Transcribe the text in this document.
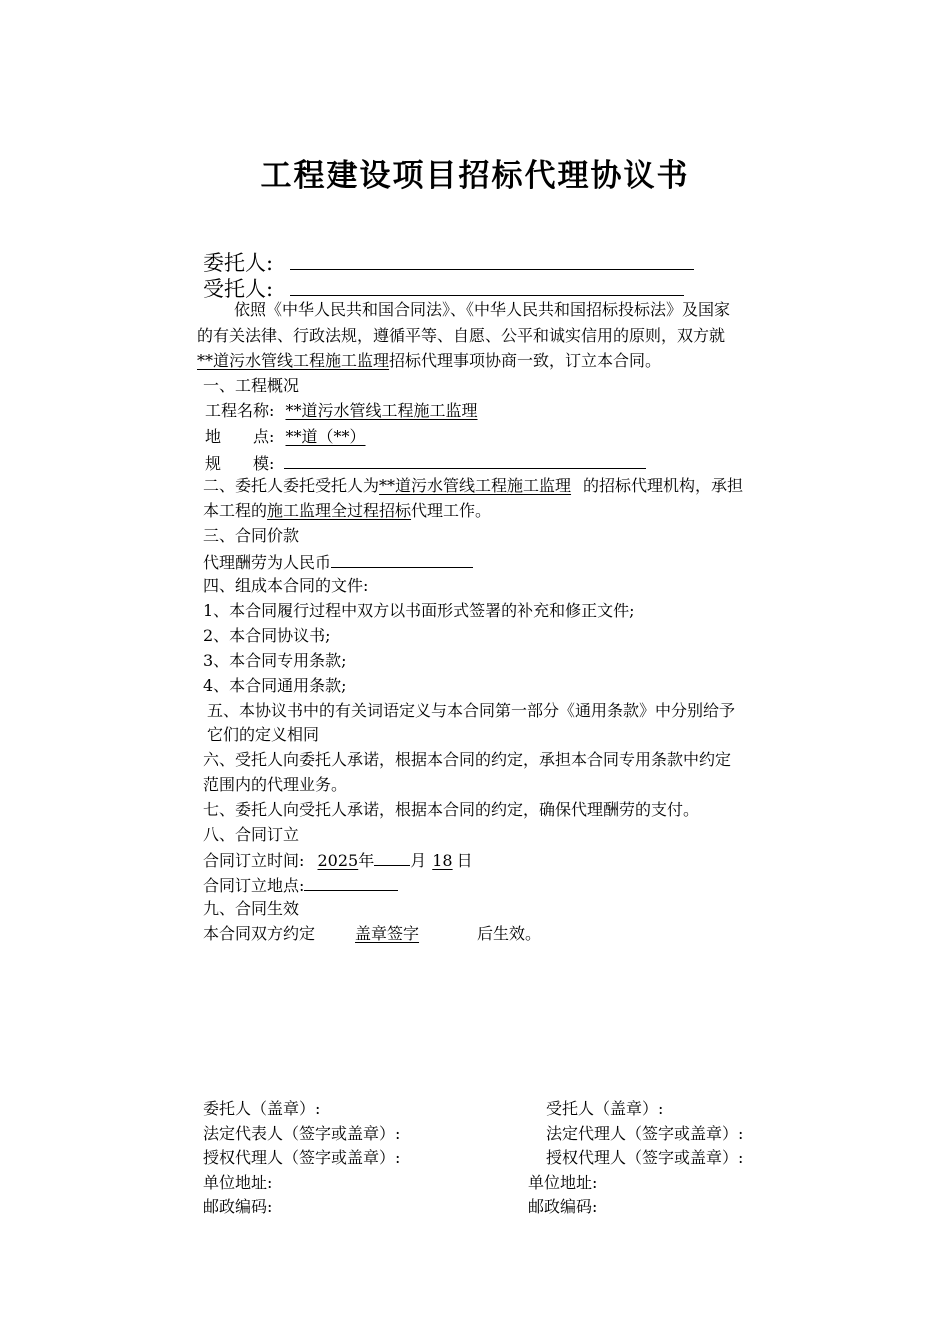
工程建设项目招标代理协议书
委托人:
受托人:
依照《中华人民共和国合同法》、《中华人民共和国招标投标法》及国家
的有关法律、行政法规，遵循平等、自愿、公平和诚实信用的原则，双方就
**道污水管线工程施工监理招标代理事项协商一致，订立本合同。
一、工程概况
工程名称: **道污水管线工程施工监理
地　　点: **道（**）
规　　模:
二、委托人委托受托人为**道污水管线工程施工监理 的招标代理机构，承担
本工程的施工监理全过程招标代理工作。
三、合同价款
代理酬劳为人民币
四、组成本合同的文件:
1、本合同履行过程中双方以书面形式签署的补充和修正文件;
2、本合同协议书;
3、本合同专用条款;
4、本合同通用条款;
五、本协议书中的有关词语定义与本合同第一部分《通用条款》中分别给予
它们的定义相同
六、受托人向委托人承诺，根据本合同的约定，承担本合同专用条款中约定
范围内的代理业务。
七、委托人向受托人承诺，根据本合同的约定，确保代理酬劳的支付。
八、合同订立
合同订立时间: 2025年 月 18 日
合同订立地点:
九、合同生效
本合同双方约定	盖章签字	后生效。
委托人（盖章）:
法定代表人（签字或盖章）:
授权代理人（签字或盖章）:
单位地址:
邮政编码:
受托人（盖章）:
法定代理人（签字或盖章）:
授权代理人（签字或盖章）:
单位地址:
邮政编码:
